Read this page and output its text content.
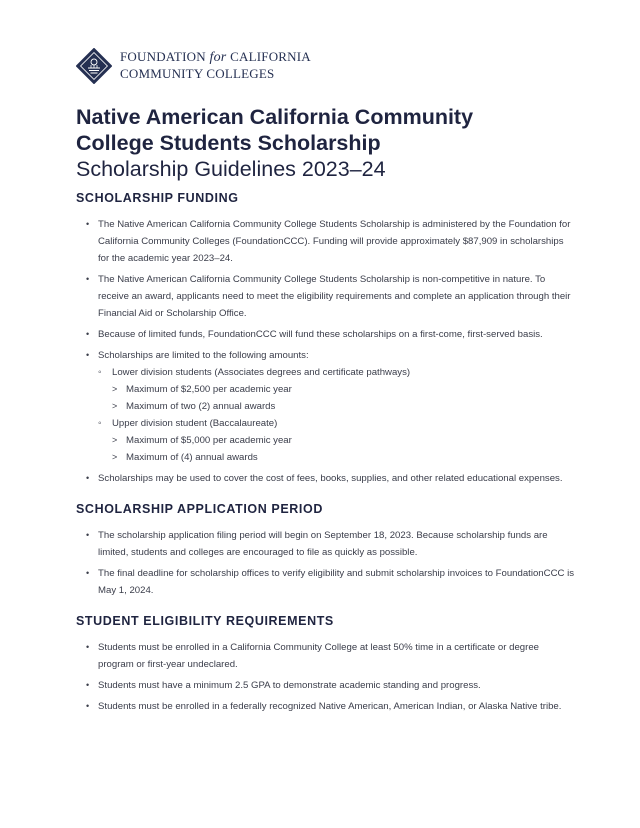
FOUNDATION for CALIFORNIA
COMMUNITY COLLEGES
Native American California Community
College Students Scholarship
Scholarship Guidelines 2023–24
SCHOLARSHIP FUNDING
• The Native American California Community College Students Scholarship is administered by the Foundation for California Community Colleges (FoundationCCC). Funding will provide approximately $87,909 in scholarships for the academic year 2023–24.
• The Native American California Community College Students Scholarship is non-competitive in nature. To receive an award, applicants need to meet the eligibility requirements and complete an application through their Financial Aid or Scholarship Office.
• Because of limited funds, FoundationCCC will fund these scholarships on a first-come, first-served basis.
• Scholarships are limited to the following amounts:
◦ Lower division students (Associates degrees and certificate pathways)
> Maximum of $2,500 per academic year
> Maximum of two (2) annual awards
◦ Upper division student (Baccalaureate)
> Maximum of $5,000 per academic year
> Maximum of (4) annual awards
• Scholarships may be used to cover the cost of fees, books, supplies, and other related educational expenses.
SCHOLARSHIP APPLICATION PERIOD
• The scholarship application filing period will begin on September 18, 2023. Because scholarship funds are limited, students and colleges are encouraged to file as quickly as possible.
• The final deadline for scholarship offices to verify eligibility and submit scholarship invoices to FoundationCCC is May 1, 2024.
STUDENT ELIGIBILITY REQUIREMENTS
• Students must be enrolled in a California Community College at least 50% time in a certificate or degree program or first-year undeclared.
• Students must have a minimum 2.5 GPA to demonstrate academic standing and progress.
• Students must be enrolled in a federally recognized Native American, American Indian, or Alaska Native tribe.
